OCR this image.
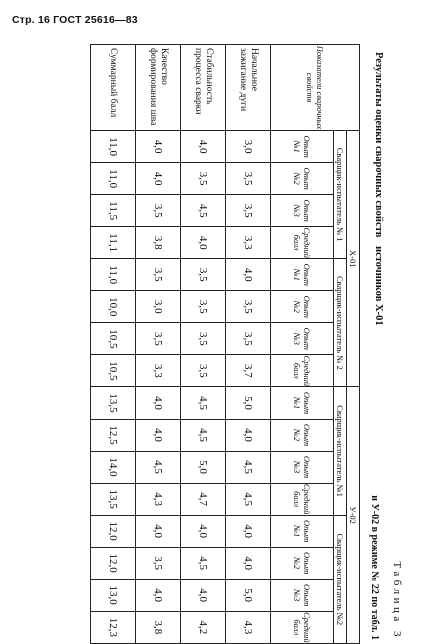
Стр. 16 ГОСТ 25616—83
Таблица 3
Результаты оценки сварочных свойств источников Х-01
и У-02 в режиме № 22 по табл. 1
Показатели сварочных свойств	Х-01								У-02							
	Сварщик-испытатель № 1				Сварщик-испытатель № 2				Сварщик-испытатель №1				Сварщик-испытатель №2			
	Опыт №1	Опыт №2	Опыт №3	Средний балл	Опыт №1	Опыт №2	Опыт №3	Средний балл	Опыт №1	Опыт №2	Опыт №3	Средний балл	Опыт №1	Опыт №2	Опыт №3	Средний балл
Начальное зажигание дуги	3,0	3,5	3,5	3,3	4,0	3,5	3,5	3,7	5,0	4,0	4,5	4,5	4,0	4,0	5,0	4,3
Стабильность процесса сварки	4,0	3,5	4,5	4,0	3,5	3,5	3,5	3,5	4,5	4,5	5,0	4,7	4,0	4,5	4,0	4,2
Качество формирования шва	4,0	4,0	3,5	3,8	3,5	3,0	3,5	3,3	4,0	4,0	4,5	4,3	4,0	3,5	4,0	3,8
Суммарный балл	11,0	11,0	11,5	11,1	11,0	10,0	10,5	10,5	13,5	12,5	14,0	13,5	12,0	12,0	13,0	12,3
